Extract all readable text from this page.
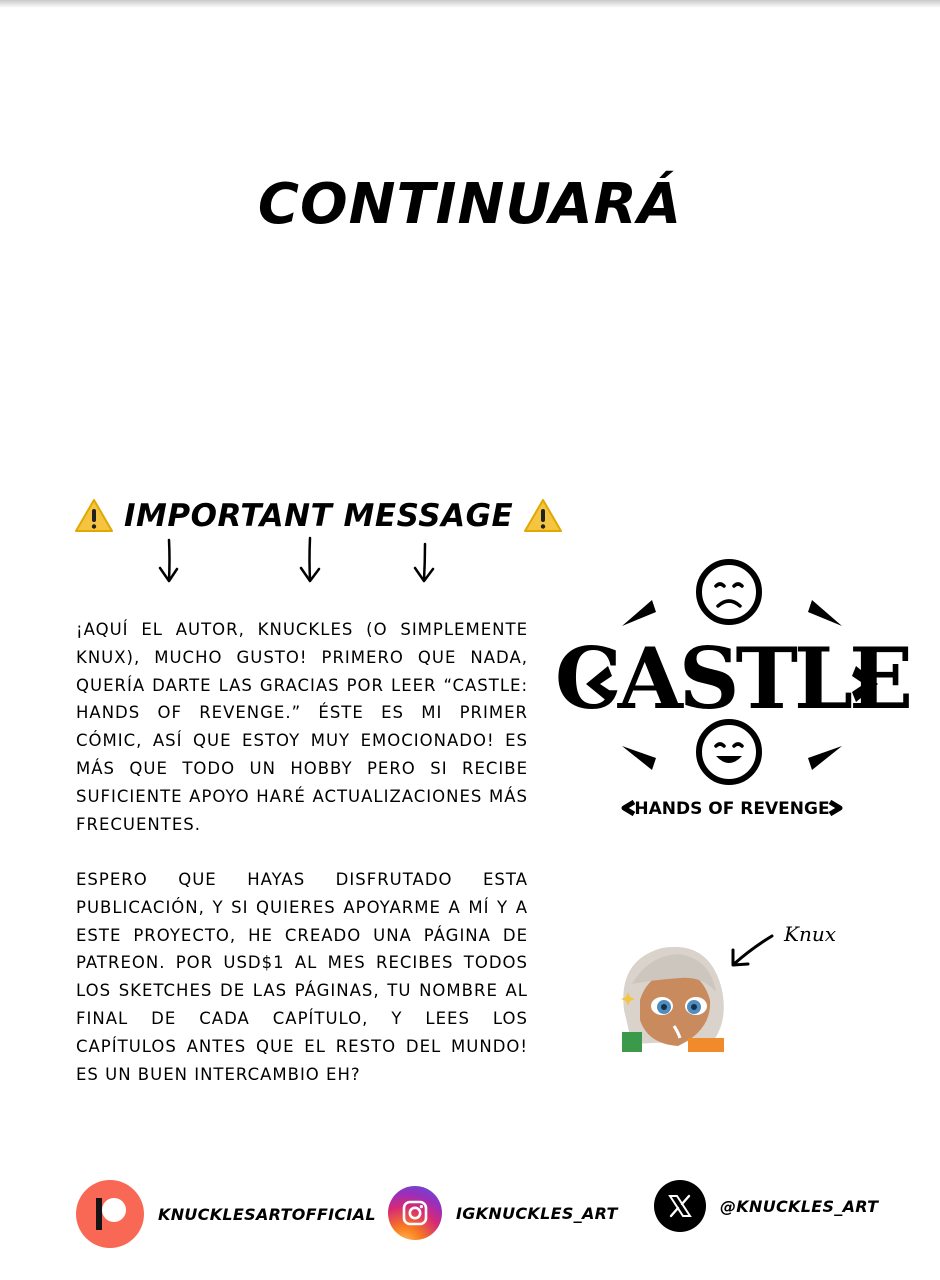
CONTINUARÁ
IMPORTANT MESSAGE
¡AQUÍ EL AUTOR, KNUCKLES (O SIMPLEMENTE KNUX), MUCHO GUSTO! PRIMERO QUE NADA, QUERÍA DARTE LAS GRACIAS POR LEER “CASTLE: HANDS OF REVENGE.” ÉSTE ES MI PRIMER CÓMIC, ASÍ QUE ESTOY MUY EMOCIONADO! ES MÁS QUE TODO UN HOBBY PERO SI RECIBE SUFICIENTE APOYO HARÉ ACTUALIZACIONES MÁS FRECUENTES.
ESPERO QUE HAYAS DISFRUTADO ESTA PUBLICACIÓN, Y SI QUIERES APOYARME A MÍ Y A ESTE PROYECTO, HE CREADO UNA PÁGINA DE PATREON. POR USD$1 AL MES RECIBES TODOS LOS SKETCHES DE LAS PÁGINAS, TU NOMBRE AL FINAL DE CADA CAPÍTULO, Y LEES LOS CAPÍTULOS ANTES QUE EL RESTO DEL MUNDO! ES UN BUEN INTERCAMBIO EH?
CASTLE
HANDS OF REVENGE
Knux
KNUCKLESARTOFFICIAL	IGKNUCKLES_ART	@KNUCKLES_ART
